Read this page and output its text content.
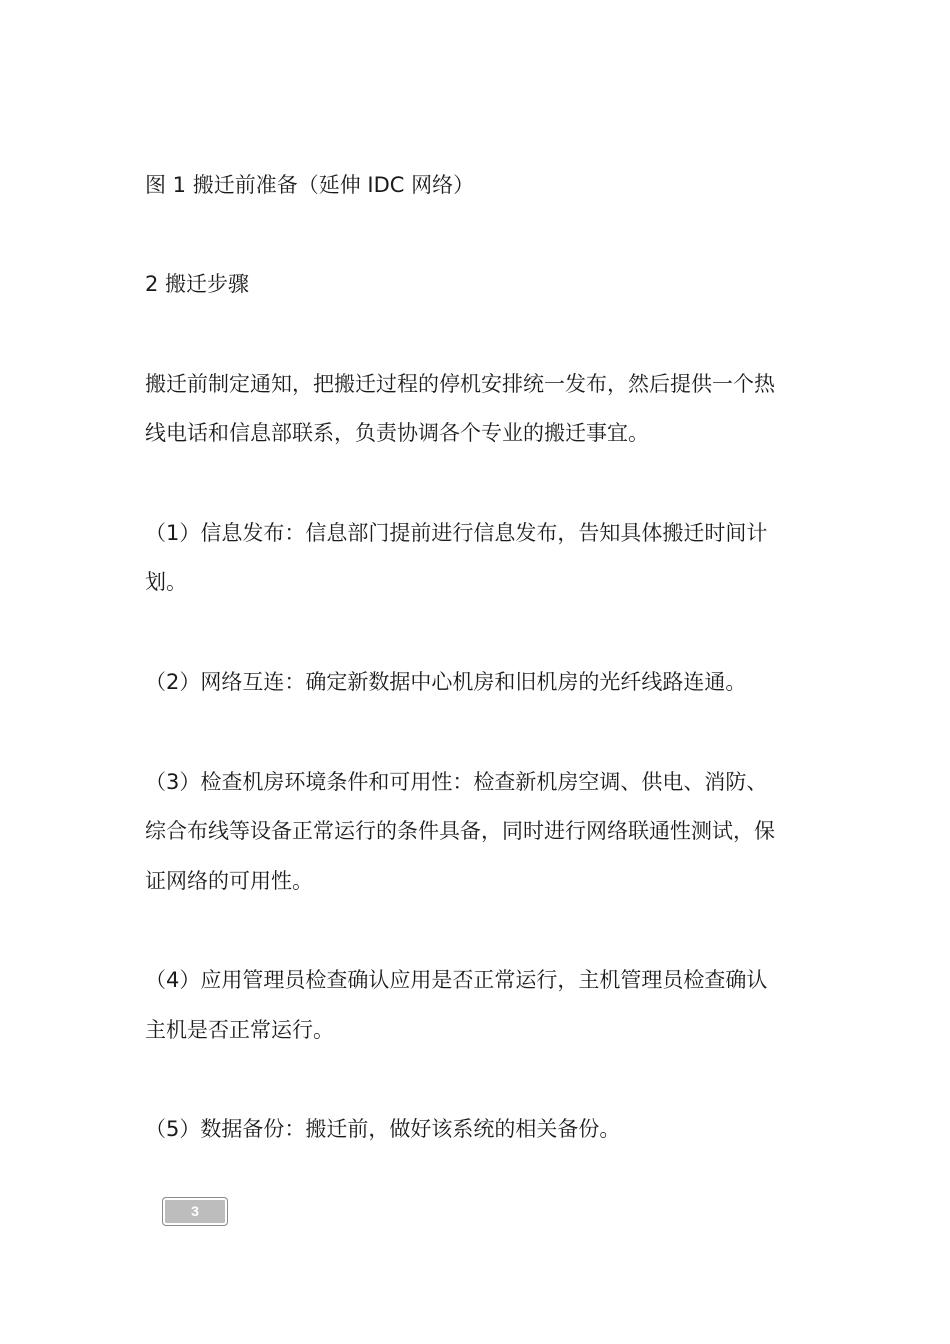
图 1 搬迁前准备（延伸 IDC 网络）
2 搬迁步骤
搬迁前制定通知，把搬迁过程的停机安排统一发布，然后提供一个热
线电话和信息部联系，负责协调各个专业的搬迁事宜。
（1）信息发布：信息部门提前进行信息发布，告知具体搬迁时间计
划。
（2）网络互连：确定新数据中心机房和旧机房的光纤线路连通。
（3）检查机房环境条件和可用性：检查新机房空调、供电、消防、
综合布线等设备正常运行的条件具备，同时进行网络联通性测试，保
证网络的可用性。
（4）应用管理员检查确认应用是否正常运行，主机管理员检查确认
主机是否正常运行。
（5）数据备份：搬迁前，做好该系统的相关备份。
3
